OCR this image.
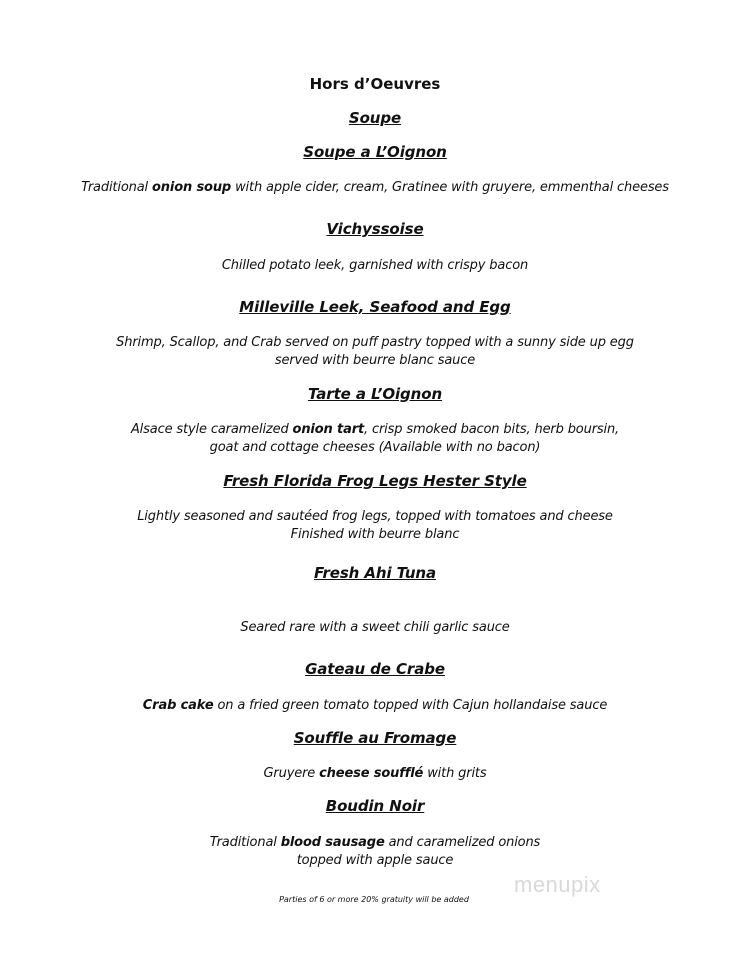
Hors d’Oeuvres
Soupe
Soupe a L’Oignon
Traditional onion soup with apple cider, cream, Gratinee with gruyere, emmenthal cheeses
Vichyssoise
Chilled potato leek, garnished with crispy bacon
Milleville Leek, Seafood and Egg
Shrimp, Scallop, and Crab served on puff pastry topped with a sunny side up egg
served with beurre blanc sauce
Tarte a L’Oignon
Alsace style caramelized onion tart, crisp smoked bacon bits, herb boursin,
goat and cottage cheeses (Available with no bacon)
Fresh Florida Frog Legs Hester Style
Lightly seasoned and sautéed frog legs, topped with tomatoes and cheese
Finished with beurre blanc
Fresh Ahi Tuna
Seared rare with a sweet chili garlic sauce
Gateau de Crabe
Crab cake on a fried green tomato topped with Cajun hollandaise sauce
Souffle au Fromage
Gruyere cheese soufflé with grits
Boudin Noir
Traditional blood sausage and caramelized onions
topped with apple sauce
Parties of 6 or more 20% gratuity will be added
menupix
